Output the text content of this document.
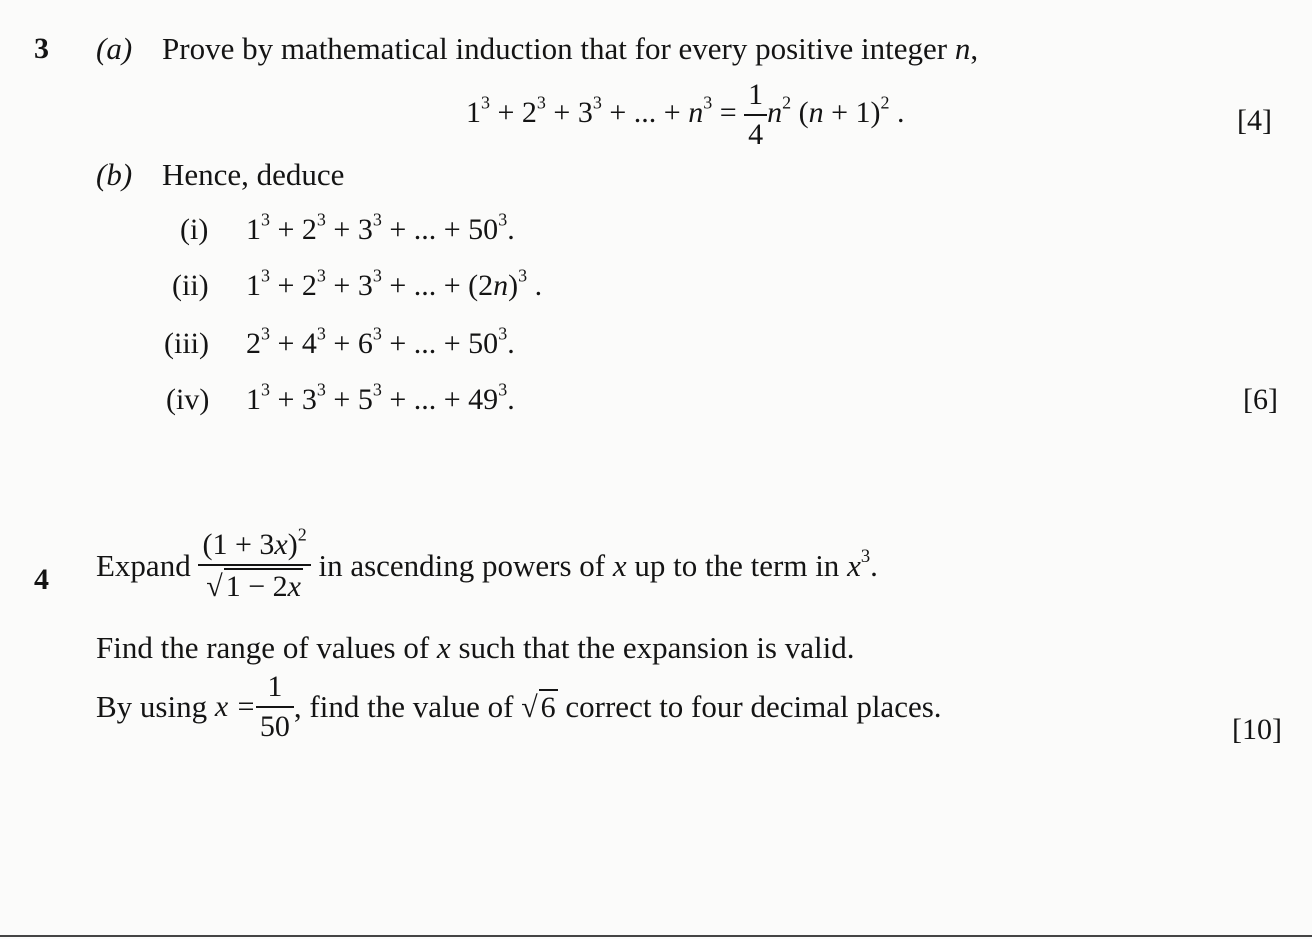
3 (a) Prove by mathematical induction that for every positive integer n,
$1^3 + 2^3 + 3^3$ + ... + $n^3 = \frac{1}{4} n^2$ $(n + 1)^2$ .	[4]
(b) Hence, deduce
(i) $1^3 + 2^3 + 3^3$ + ... + $50^3$.
(ii) $1^3 + 2^3 + 3^3$ + ... + $(2n)^3$ .
(iii) $2^3 + 4^3 + 6^3$ + ... + $50^3$.
(iv) $1^3 + 3^3 + 5^3$ + ... + $49^3$.	[6]
4 Expand $\frac{(1 + 3x)^2}{√ 1 - 2x}$ in ascending powers of x up to the term in $x^3$.
Find the range of values of x such that the expansion is valid.
By using $x = \frac{1}{50}$ , find the value of √ 6 correct to four decimal places.
[10]
